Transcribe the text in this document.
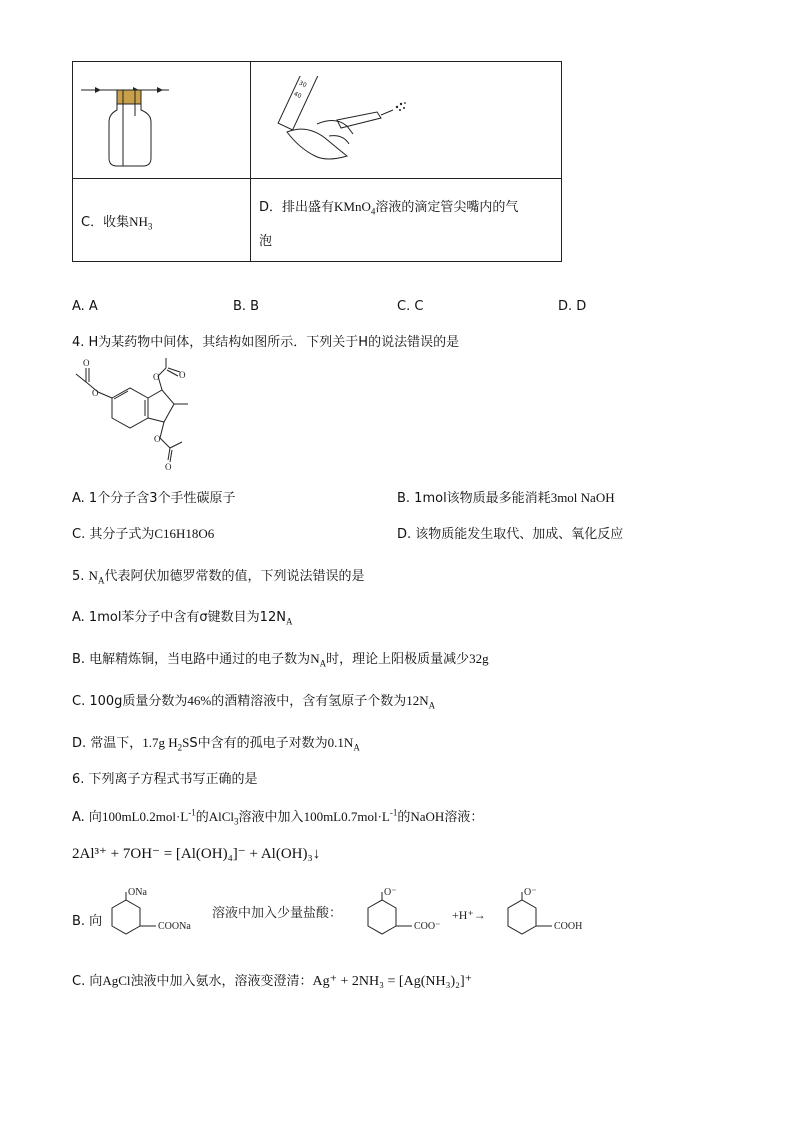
30
40

C．收集$NH_3$	D．排出盛有KMnO$_4$溶液的滴定管尖嘴内的气
泡
A. A	B. B	C. C	D. D
4. H为某药物中间体，其结构如图所示．下列关于H的说法错误的是
O
O O
O
O
O
A. 1个分子含3个手性碳原子	B. 1mol该物质最多能消耗3mol NaOH
C. 其分子式为C16H18O6	D. 该物质能发生取代、加成、氧化反应
5. $N_A$代表阿伏加德罗常数的值，下列说法错误的是
A. 1mol苯分子中含有σ键数目为$12N_A$
B. 电解精炼铜，当电路中通过的电子数为$N_A$时，理论上阳极质量减少32g
C. 100g质量分数为46%的酒精溶液中，含有氢原子个数为$12N_A$
D. 常温下，1.7g $H_2SS$中含有的孤电子对数为$0.1N_A$
6. 下列离子方程式书写正确的是
A. 向$100mL0.2mol\cdot L^{-1}$的AlCl$_3$溶液中加入$100mL0.7mol\cdot L^{-1}$的NaOH溶液：
2Al³⁺ + 7OH⁻ = [Al(OH)₄]⁻ + Al(OH)₃↓
B. 向
ONa
COONa
溶液中加入少量盐酸：
O⁻
COO⁻
+H⁺→
O⁻
COOH
C. 向AgCl浊液中加入氨水，溶液变澄清：Ag⁺ + 2NH₃ = [Ag(NH₃)₂]⁺
